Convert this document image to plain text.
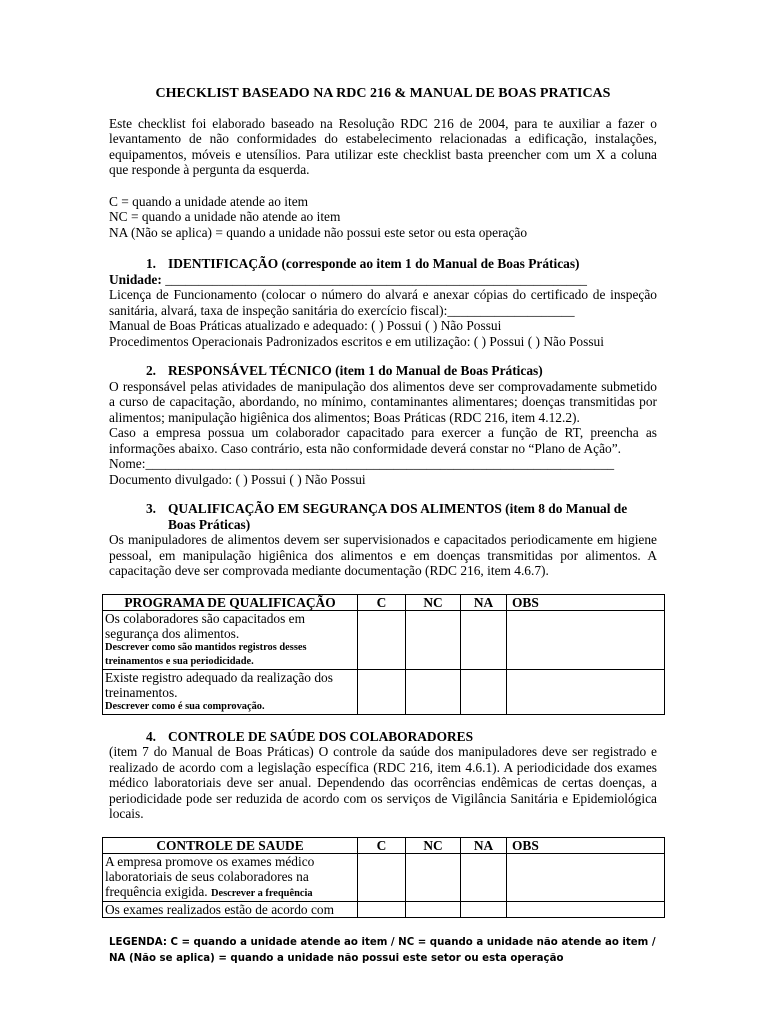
CHECKLIST BASEADO NA RDC 216 & MANUAL DE BOAS PRATICAS

Este checklist foi elaborado baseado na Resolução RDC 216 de 2004, para te auxiliar a fazer o levantamento de não conformidades do estabelecimento relacionadas a edificação, instalações, equipamentos, móveis e utensílios. Para utilizar este checklist basta preencher com um X a coluna que responde à pergunta da esquerda.

C = quando a unidade atende ao item

NC = quando a unidade não atende ao item

NA (Não se aplica) = quando a unidade não possui este setor ou esta operação

1. IDENTIFICAÇÃO (corresponde ao item 1 do Manual de Boas Práticas)

Unidade: _______________________________________________________________

Licença de Funcionamento (colocar o número do alvará e anexar cópias do certificado de inspeção sanitária, alvará, taxa de inspeção sanitária do exercício fiscal):___________________

Manual de Boas Práticas atualizado e adequado: ( ) Possui ( ) Não Possui

Procedimentos Operacionais Padronizados escritos e em utilização: ( ) Possui ( ) Não Possui

2. RESPONSÁVEL TÉCNICO (item 1 do Manual de Boas Práticas)

O responsável pelas atividades de manipulação dos alimentos deve ser comprovadamente submetido a curso de capacitação, abordando, no mínimo, contaminantes alimentares; doenças transmitidas por alimentos; manipulação higiênica dos alimentos; Boas Práticas (RDC 216, item 4.12.2).

Caso a empresa possua um colaborador capacitado para exercer a função de RT, preencha as informações abaixo. Caso contrário, esta não conformidade deverá constar no “Plano de Ação”.

Nome:______________________________________________________________________

Documento divulgado: ( ) Possui ( ) Não Possui

3. QUALIFICAÇÃO EM SEGURANÇA DOS ALIMENTOS (item 8 do Manual de
Boas Práticas)

Os manipuladores de alimentos devem ser supervisionados e capacitados periodicamente em higiene pessoal, em manipulação higiênica dos alimentos e em doenças transmitidas por alimentos. A capacitação deve ser comprovada mediante documentação (RDC 216, item 4.6.7).

PROGRAMA DE QUALIFICAÇÃO	C	NC	NA	OBS

Os colaboradores são capacitados em segurança dos alimentos.
Descrever como são mantidos registros desses treinamentos e sua periodicidade.				

Existe registro adequado da realização dos treinamentos.
Descrever como é sua comprovação.				

4. CONTROLE DE SAÚDE DOS COLABORADORES

(item 7 do Manual de Boas Práticas) O controle da saúde dos manipuladores deve ser registrado e realizado de acordo com a legislação específica (RDC 216, item 4.6.1). A periodicidade dos exames médico laboratoriais deve ser anual. Dependendo das ocorrências endêmicas de certas doenças, a periodicidade pode ser reduzida de acordo com os serviços de Vigilância Sanitária e Epidemiológica locais.

CONTROLE DE SAUDE	C	NC	NA	OBS
A empresa promove os exames médico laboratoriais de seus colaboradores na frequência exigida. Descrever a frequência				
Os exames realizados estão de acordo com				
LEGENDA: C = quando a unidade atende ao item / NC = quando a unidade não atende ao item / NA (Não se aplica) = quando a unidade não possui este setor ou esta operação
